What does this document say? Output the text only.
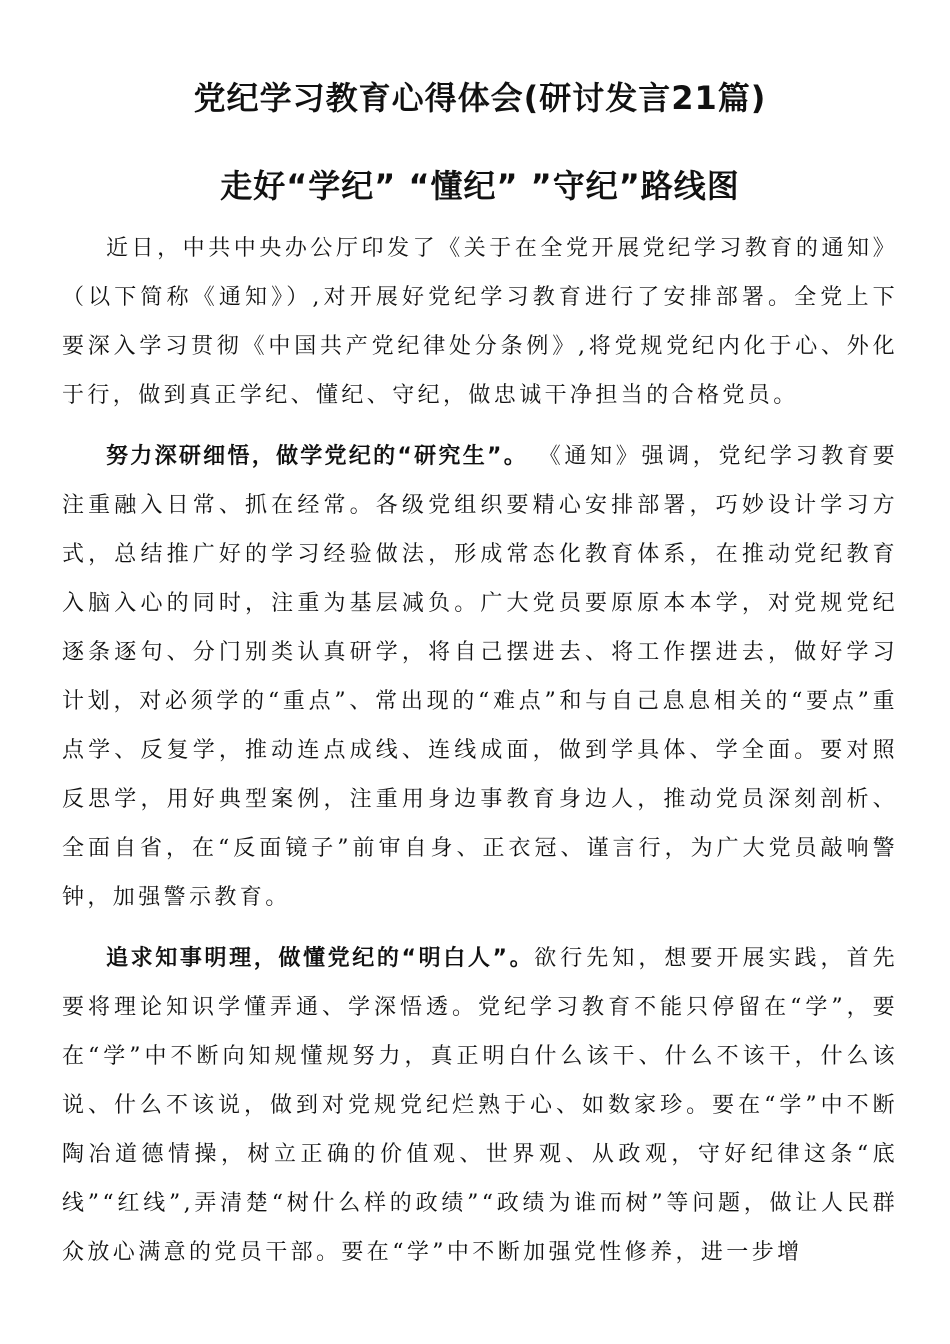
党纪学习教育心得体会(研讨发言21篇)
走好“学纪” “懂纪” ”守纪”路线图

近日，中共中央办公厅印发了《关于在全党开展党纪学习教育的通知》（以下简称《通知》）,对开展好党纪学习教育进行了安排部署。全党上下要深入学习贯彻《中国共产党纪律处分条例》,将党规党纪内化于心、外化于行，做到真正学纪、懂纪、守纪，做忠诚干净担当的合格党员。

努力深研细悟，做学党纪的“研究生”。 《通知》强调，党纪学习教育要注重融入日常、抓在经常。各级党组织要精心安排部署，巧妙设计学习方式，总结推广好的学习经验做法，形成常态化教育体系，在推动党纪教育入脑入心的同时，注重为基层减负。广大党员要原原本本学，对党规党纪逐条逐句、分门别类认真研学，将自己摆进去、将工作摆进去，做好学习计划，对必须学的“重点”、常出现的“难点”和与自己息息相关的“要点”重点学、反复学，推动连点成线、连线成面，做到学具体、学全面。要对照反思学，用好典型案例，注重用身边事教育身边人，推动党员深刻剖析、全面自省，在“反面镜子”前审自身、正衣冠、谨言行，为广大党员敲响警钟，加强警示教育。

追求知事明理，做懂党纪的“明白人”。欲行先知，想要开展实践，首先要将理论知识学懂弄通、学深悟透。党纪学习教育不能只停留在“学”，要在“学”中不断向知规懂规努力，真正明白什么该干、什么不该干，什么该说、什么不该说，做到对党规党纪烂熟于心、如数家珍。要在“学”中不断陶冶道德情操，树立正确的价值观、世界观、从政观，守好纪律这条“底线”“红线”,弄清楚“树什么样的政绩”“政绩为谁而树”等问题，做让人民群众放心满意的党员干部。要在“学”中不断加强党性修养，进一步增
